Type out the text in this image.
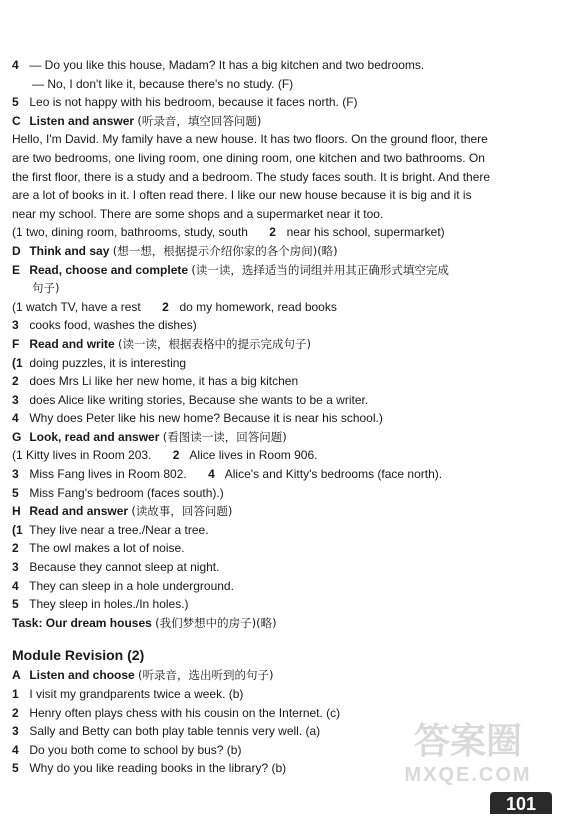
4 — Do you like this house, Madam? It has a big kitchen and two bedrooms.
— No, I don't like it, because there's no study. (F)
5 Leo is not happy with his bedroom, because it faces north. (F)
C Listen and answer (听录音，填空回答问题)
Hello, I'm David. My family have a new house. It has two floors. On the ground floor, there
are two bedrooms, one living room, one dining room, one kitchen and two bathrooms. On
the first floor, there is a study and a bedroom. The study faces south. It is bright. And there
are a lot of books in it. I often read there. I like our new house because it is big and it is
near my school. There are some shops and a supermarket near it too.
(1 two, dining room, bathrooms, study, south 2 near his school, supermarket)
D Think and say (想一想，根据提示介绍你家的各个房间)(略)
E Read, choose and complete (读一读，选择适当的词组并用其正确形式填空完成
句子)
(1 watch TV, have a rest 2 do my homework, read books
3 cooks food, washes the dishes)
F Read and write (读一读，根据表格中的提示完成句子)
(1 doing puzzles, it is interesting
2 does Mrs Li like her new home, it has a big kitchen
3 does Alice like writing stories, Because she wants to be a writer.
4 Why does Peter like his new home? Because it is near his school.)
G Look, read and answer (看图读一读，回答问题)
(1 Kitty lives in Room 203. 2 Alice lives in Room 906.
3 Miss Fang lives in Room 802. 4 Alice's and Kitty's bedrooms (face north).
5 Miss Fang's bedroom (faces south).)
H Read and answer (读故事，回答问题)
(1 They live near a tree./Near a tree.
2 The owl makes a lot of noise.
3 Because they cannot sleep at night.
4 They can sleep in a hole underground.
5 They sleep in holes./In holes.)
Task: Our dream houses (我们梦想中的房子)(略)
Module Revision (2)
A Listen and choose (听录音，选出听到的句子)
1 I visit my grandparents twice a week. (b)
2 Henry often plays chess with his cousin on the Internet. (c)
3 Sally and Betty can both play table tennis very well. (a)
4 Do you both come to school by bus? (b)
5 Why do you like reading books in the library? (b)
答案圈
MXQE.COM
101
